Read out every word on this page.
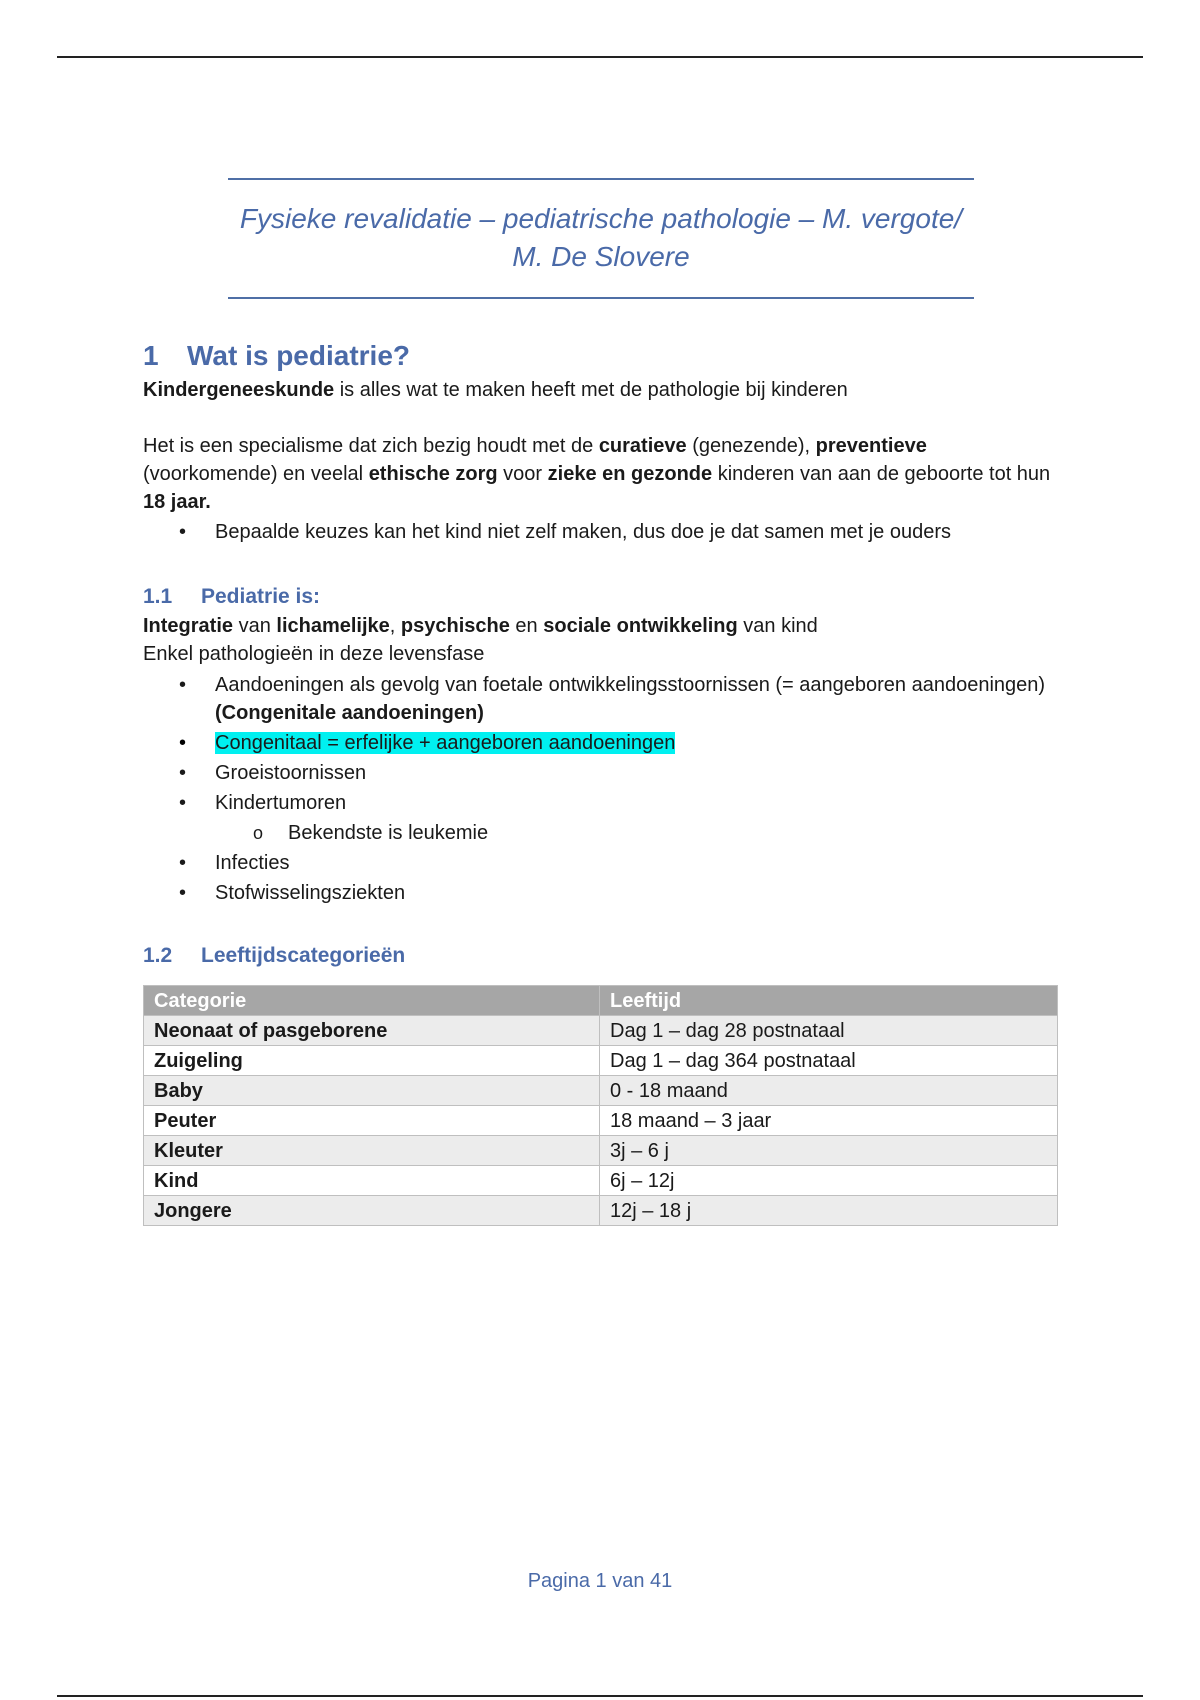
Fysieke revalidatie – pediatrische pathologie – M. vergote/ M. De Slovere
1 Wat is pediatrie?

Kindergeneeskunde is alles wat te maken heeft met de pathologie bij kinderen

Het is een specialisme dat zich bezig houdt met de curatieve (genezende), preventieve (voorkomende) en veelal ethische zorg voor zieke en gezonde kinderen van aan de geboorte tot hun 18 jaar.

• Bepaalde keuzes kan het kind niet zelf maken, dus doe je dat samen met je ouders
1.1 Pediatrie is:

Integratie van lichamelijke, psychische en sociale ontwikkeling van kind

Enkel pathologieën in deze levensfase

• Aandoeningen als gevolg van foetale ontwikkelingsstoornissen (= aangeboren aandoeningen) (Congenitale aandoeningen)
• Congenitaal = erfelijke + aangeboren aandoeningen
• Groeistoornissen
• Kindertumoren
o Bekendste is leukemie
• Infecties
• Stofwisselingsziekten
1.2 Leeftijdscategorieën
Categorie	Leeftijd
Neonaat of pasgeborene	Dag 1 – dag 28 postnataal
Zuigeling	Dag 1 – dag 364 postnataal
Baby	0 - 18 maand
Peuter	18 maand – 3 jaar
Kleuter	3j – 6 j
Kind	6j – 12j
Jongere	12j – 18 j
Pagina 1 van 41
